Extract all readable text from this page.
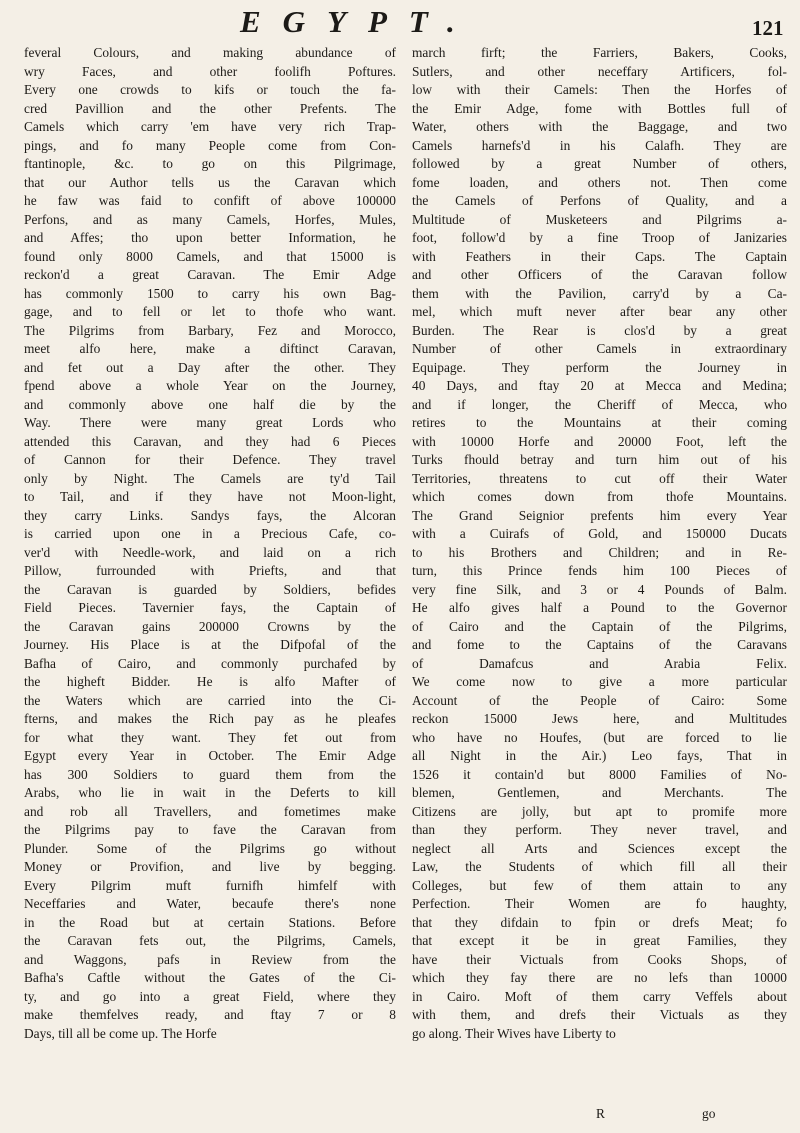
EGYPT.	121
feveral Colours, and making abundance of
wry Faces, and other foolifh Poftures.
Every one crowds to kifs or touch the fa-
cred Pavillion and the other Prefents. The
Camels which carry 'em have very rich Trap-
pings, and fo many People come from Con-
ftantinople, &c. to go on this Pilgrimage,
that our Author tells us the Caravan which
he faw was faid to confift of above 100000
Perfons, and as many Camels, Horfes, Mules,
and Affes; tho upon better Information, he
found only 8000 Camels, and that 15000 is
reckon'd a great Caravan. The Emir Adge
has commonly 1500 to carry his own Bag-
gage, and to fell or let to thofe who want.
The Pilgrims from Barbary, Fez and Morocco,
meet alfo here, make a diftinct Caravan,
and fet out a Day after the other. They
fpend above a whole Year on the Journey,
and commonly above one half die by the
Way. There were many great Lords who
attended this Caravan, and they had 6 Pieces
of Cannon for their Defence. They travel
only by Night. The Camels are ty'd Tail
to Tail, and if they have not Moon-light,
they carry Links. Sandys fays, the Alcoran
is carried upon one in a Precious Cafe, co-
ver'd with Needle-work, and laid on a rich
Pillow, furrounded with Priefts, and that
the Caravan is guarded by Soldiers, befides
Field Pieces. Tavernier fays, the Captain of
the Caravan gains 200000 Crowns by the
Journey. His Place is at the Difpofal of the
Bafha of Cairo, and commonly purchafed by
the higheft Bidder. He is alfo Mafter of
the Waters which are carried into the Ci-
fterns, and makes the Rich pay as he pleafes
for what they want. They fet out from
Egypt every Year in October. The Emir Adge
has 300 Soldiers to guard them from the
Arabs, who lie in wait in the Deferts to kill
and rob all Travellers, and fometimes make
the Pilgrims pay to fave the Caravan from
Plunder. Some of the Pilgrims go without
Money or Provifion, and live by begging.
Every Pilgrim muft furnifh himfelf with
Neceffaries and Water, becaufe there's none
in the Road but at certain Stations. Before
the Caravan fets out, the Pilgrims, Camels,
and Waggons, pafs in Review from the
Bafha's Caftle without the Gates of the Ci-
ty, and go into a great Field, where they
make themfelves ready, and ftay 7 or 8
Days, till all be come up. The Horfe
march firft; the Farriers, Bakers, Cooks,
Sutlers, and other neceffary Artificers, fol-
low with their Camels: Then the Horfes of
the Emir Adge, fome with Bottles full of
Water, others with the Baggage, and two
Camels harnefs'd in his Calafh. They are
followed by a great Number of others,
fome loaden, and others not. Then come
the Camels of Perfons of Quality, and a
Multitude of Musketeers and Pilgrims a-
foot, follow'd by a fine Troop of Janizaries
with Feathers in their Caps. The Captain
and other Officers of the Caravan follow
them with the Pavilion, carry'd by a Ca-
mel, which muft never after bear any other
Burden. The Rear is clos'd by a great
Number of other Camels in extraordinary
Equipage. They perform the Journey in
40 Days, and ftay 20 at Mecca and Medina;
and if longer, the Cheriff of Mecca, who
retires to the Mountains at their coming
with 10000 Horfe and 20000 Foot, left the
Turks fhould betray and turn him out of his
Territories, threatens to cut off their Water
which comes down from thofe Mountains.
The Grand Seignior prefents him every Year
with a Cuirafs of Gold, and 150000 Ducats
to his Brothers and Children; and in Re-
turn, this Prince fends him 100 Pieces of
very fine Silk, and 3 or 4 Pounds of Balm.
He alfo gives half a Pound to the Governor
of Cairo and the Captain of the Pilgrims,
and fome to the Captains of the Caravans
of Damafcus and Arabia Felix.
We come now to give a more particular
Account of the People of Cairo: Some
reckon 15000 Jews here, and Multitudes
who have no Houfes, (but are forced to lie
all Night in the Air.) Leo fays, That in
1526 it contain'd but 8000 Families of No-
blemen, Gentlemen, and Merchants. The
Citizens are jolly, but apt to promife more
than they perform. They never travel, and
neglect all Arts and Sciences except the
Law, the Students of which fill all their
Colleges, but few of them attain to any
Perfection. Their Women are fo haughty,
that they difdain to fpin or drefs Meat; fo
that except it be in great Families, they
have their Victuals from Cooks Shops, of
which they fay there are no lefs than 10000
in Cairo. Moft of them carry Veffels about
with them, and drefs their Victuals as they
go along. Their Wives have Liberty to
R	go
